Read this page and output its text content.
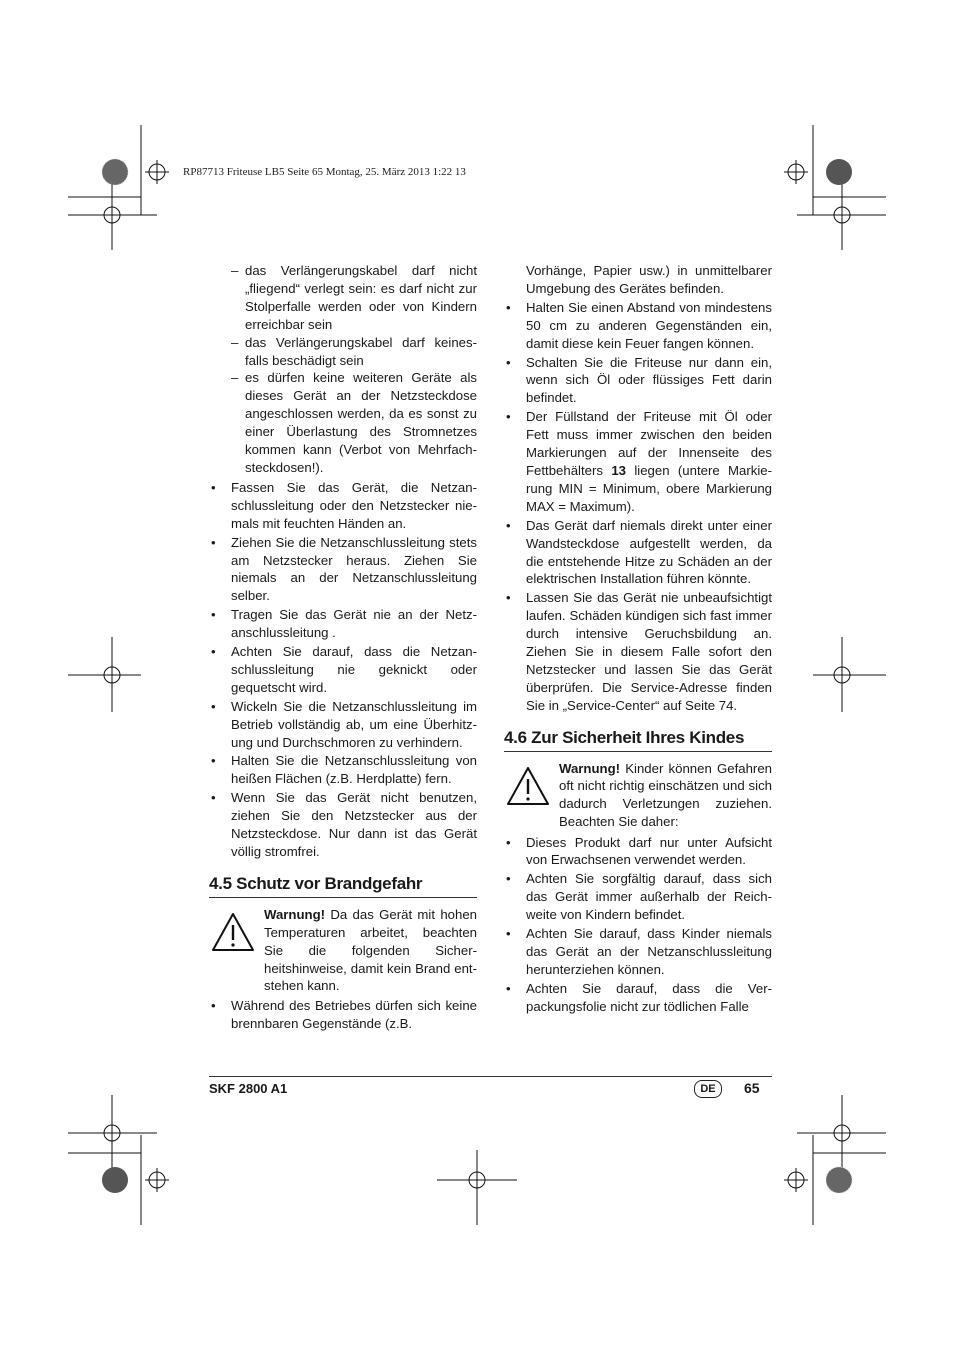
RP87713 Friteuse LB5 Seite 65 Montag, 25. März 2013 1:22 13
– das Verlängerungskabel darf nicht „fliegend“ verlegt sein: es darf nicht zur Stolperfalle werden oder von Kindern erreichbar sein
– das Verlängerungskabel darf keinesfalls beschädigt sein
– es dürfen keine weiteren Geräte als dieses Gerät an der Netzsteckdose angeschlossen werden, da es sonst zu einer Überlastung des Stromnetzes kommen kann (Verbot von Mehrfachsteckdosen!).
• Fassen Sie das Gerät, die Netzanschlussleitung oder den Netzstecker niemals mit feuchten Händen an.
• Ziehen Sie die Netzanschlussleitung stets am Netzstecker heraus. Ziehen Sie niemals an der Netzanschlussleitung selber.
• Tragen Sie das Gerät nie an der Netzanschlussleitung .
• Achten Sie darauf, dass die Netzanschlussleitung nie geknickt oder gequetscht wird.
• Wickeln Sie die Netzanschlussleitung im Betrieb vollständig ab, um eine Überhitzung und Durchschmoren zu verhindern.
• Halten Sie die Netzanschlussleitung von heißen Flächen (z.B. Herdplatte) fern.
• Wenn Sie das Gerät nicht benutzen, ziehen Sie den Netzstecker aus der Netzsteckdose. Nur dann ist das Gerät völlig stromfrei.
4.5 Schutz vor Brandgefahr

Warnung! Da das Gerät mit hohen Temperaturen arbeitet, beachten Sie die folgenden Sicherheitshinweise, damit kein Brand entstehen kann.

• Während des Betriebes dürfen sich keine brennbaren Gegenstände (z.B.

Vorhänge, Papier usw.) in unmittelbarer Umgebung des Gerätes befinden.

• Halten Sie einen Abstand von mindestens 50 cm zu anderen Gegenständen ein, damit diese kein Feuer fangen können.
• Schalten Sie die Friteuse nur dann ein, wenn sich Öl oder flüssiges Fett darin befindet.
• Der Füllstand der Friteuse mit Öl oder Fett muss immer zwischen den beiden Markierungen auf der Innenseite des Fettbehälters 13 liegen (untere Markierung MIN = Minimum, obere Markierung MAX = Maximum).
• Das Gerät darf niemals direkt unter einer Wandsteckdose aufgestellt werden, da die entstehende Hitze zu Schäden an der elektrischen Installation führen könnte.
• Lassen Sie das Gerät nie unbeaufsichtigt laufen. Schäden kündigen sich fast immer durch intensive Geruchsbildung an. Ziehen Sie in diesem Falle sofort den Netzstecker und lassen Sie das Gerät überprüfen. Die Service-Adresse finden Sie in „Service-Center“ auf Seite 74.
4.6 Zur Sicherheit Ihres Kindes

Warnung! Kinder können Gefahren oft nicht richtig einschätzen und sich dadurch Verletzungen zuziehen. Beachten Sie daher:

• Dieses Produkt darf nur unter Aufsicht von Erwachsenen verwendet werden.
• Achten Sie sorgfältig darauf, dass sich das Gerät immer außerhalb der Reichweite von Kindern befindet.
• Achten Sie darauf, dass Kinder niemals das Gerät an der Netzanschlussleitung herunterziehen können.
• Achten Sie darauf, dass die Verpackungsfolie nicht zur tödlichen Falle
SKF 2800 A1	DE	65
